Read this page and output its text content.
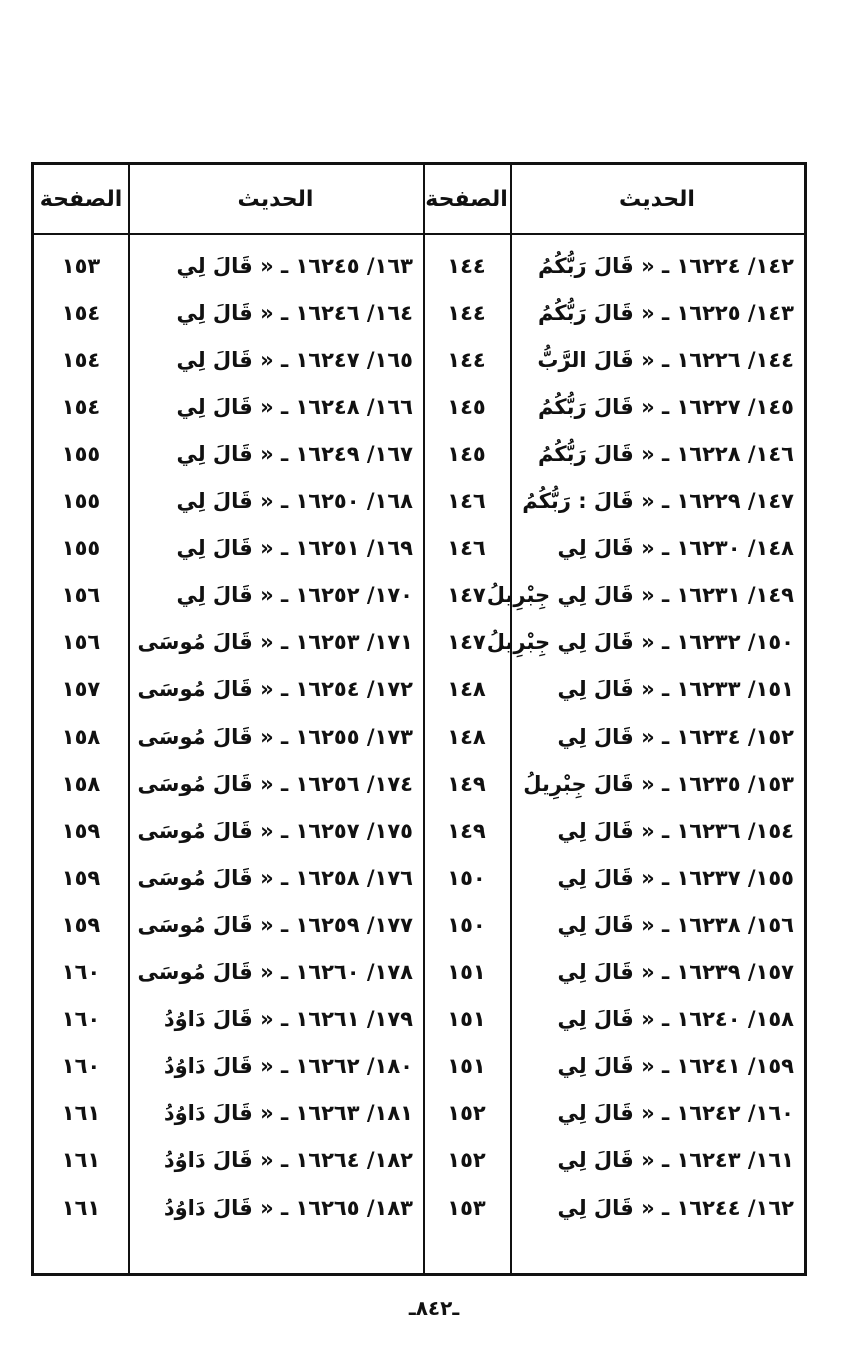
الحديث
الصفحة
الحديث
الصفحة
١٤٢/ ١٦٢٢٤ ـ « قَالَ رَبُّكُمُ
١٤٤
١٦٣/ ١٦٢٤٥ ـ « قَالَ لِي
١٥٣
١٤٣/ ١٦٢٢٥ ـ « قَالَ رَبُّكُمُ
١٤٤
١٦٤/ ١٦٢٤٦ ـ « قَالَ لِي
١٥٤
١٤٤/ ١٦٢٢٦ ـ « قَالَ الرَّبُّ
١٤٤
١٦٥/ ١٦٢٤٧ ـ « قَالَ لِي
١٥٤
١٤٥/ ١٦٢٢٧ ـ « قَالَ رَبُّكُمُ
١٤٥
١٦٦/ ١٦٢٤٨ ـ « قَالَ لِي
١٥٤
١٤٦/ ١٦٢٢٨ ـ « قَالَ رَبُّكُمُ
١٤٥
١٦٧/ ١٦٢٤٩ ـ « قَالَ لِي
١٥٥
١٤٧/ ١٦٢٢٩ ـ « قَالَ : رَبُّكُمُ
١٤٦
١٦٨/ ١٦٢٥٠ ـ « قَالَ لِي
١٥٥
١٤٨/ ١٦٢٣٠ ـ « قَالَ لِي
١٤٦
١٦٩/ ١٦٢٥١ ـ « قَالَ لِي
١٥٥
١٤٩/ ١٦٢٣١ ـ « قَالَ لِي جِبْرِيلُ
١٤٧
١٧٠/ ١٦٢٥٢ ـ « قَالَ لِي
١٥٦
١٥٠/ ١٦٢٣٢ ـ « قَالَ لِي جِبْرِيلُ
١٤٧
١٧١/ ١٦٢٥٣ ـ « قَالَ مُوسَى
١٥٦
١٥١/ ١٦٢٣٣ ـ « قَالَ لِي
١٤٨
١٧٢/ ١٦٢٥٤ ـ « قَالَ مُوسَى
١٥٧
١٥٢/ ١٦٢٣٤ ـ « قَالَ لِي
١٤٨
١٧٣/ ١٦٢٥٥ ـ « قَالَ مُوسَى
١٥٨
١٥٣/ ١٦٢٣٥ ـ « قَالَ جِبْرِيلُ
١٤٩
١٧٤/ ١٦٢٥٦ ـ « قَالَ مُوسَى
١٥٨
١٥٤/ ١٦٢٣٦ ـ « قَالَ لِي
١٤٩
١٧٥/ ١٦٢٥٧ ـ « قَالَ مُوسَى
١٥٩
١٥٥/ ١٦٢٣٧ ـ « قَالَ لِي
١٥٠
١٧٦/ ١٦٢٥٨ ـ « قَالَ مُوسَى
١٥٩
١٥٦/ ١٦٢٣٨ ـ « قَالَ لِي
١٥٠
١٧٧/ ١٦٢٥٩ ـ « قَالَ مُوسَى
١٥٩
١٥٧/ ١٦٢٣٩ ـ « قَالَ لِي
١٥١
١٧٨/ ١٦٢٦٠ ـ « قَالَ مُوسَى
١٦٠
١٥٨/ ١٦٢٤٠ ـ « قَالَ لِي
١٥١
١٧٩/ ١٦٢٦١ ـ « قَالَ دَاوُدُ
١٦٠
١٥٩/ ١٦٢٤١ ـ « قَالَ لِي
١٥١
١٨٠/ ١٦٢٦٢ ـ « قَالَ دَاوُدُ
١٦٠
١٦٠/ ١٦٢٤٢ ـ « قَالَ لِي
١٥٢
١٨١/ ١٦٢٦٣ ـ « قَالَ دَاوُدُ
١٦١
١٦١/ ١٦٢٤٣ ـ « قَالَ لِي
١٥٢
١٨٢/ ١٦٢٦٤ ـ « قَالَ دَاوُدُ
١٦١
١٦٢/ ١٦٢٤٤ ـ « قَالَ لِي
١٥٣
١٨٣/ ١٦٢٦٥ ـ « قَالَ دَاوُدُ
١٦١
ـ٨٤٢ـ
